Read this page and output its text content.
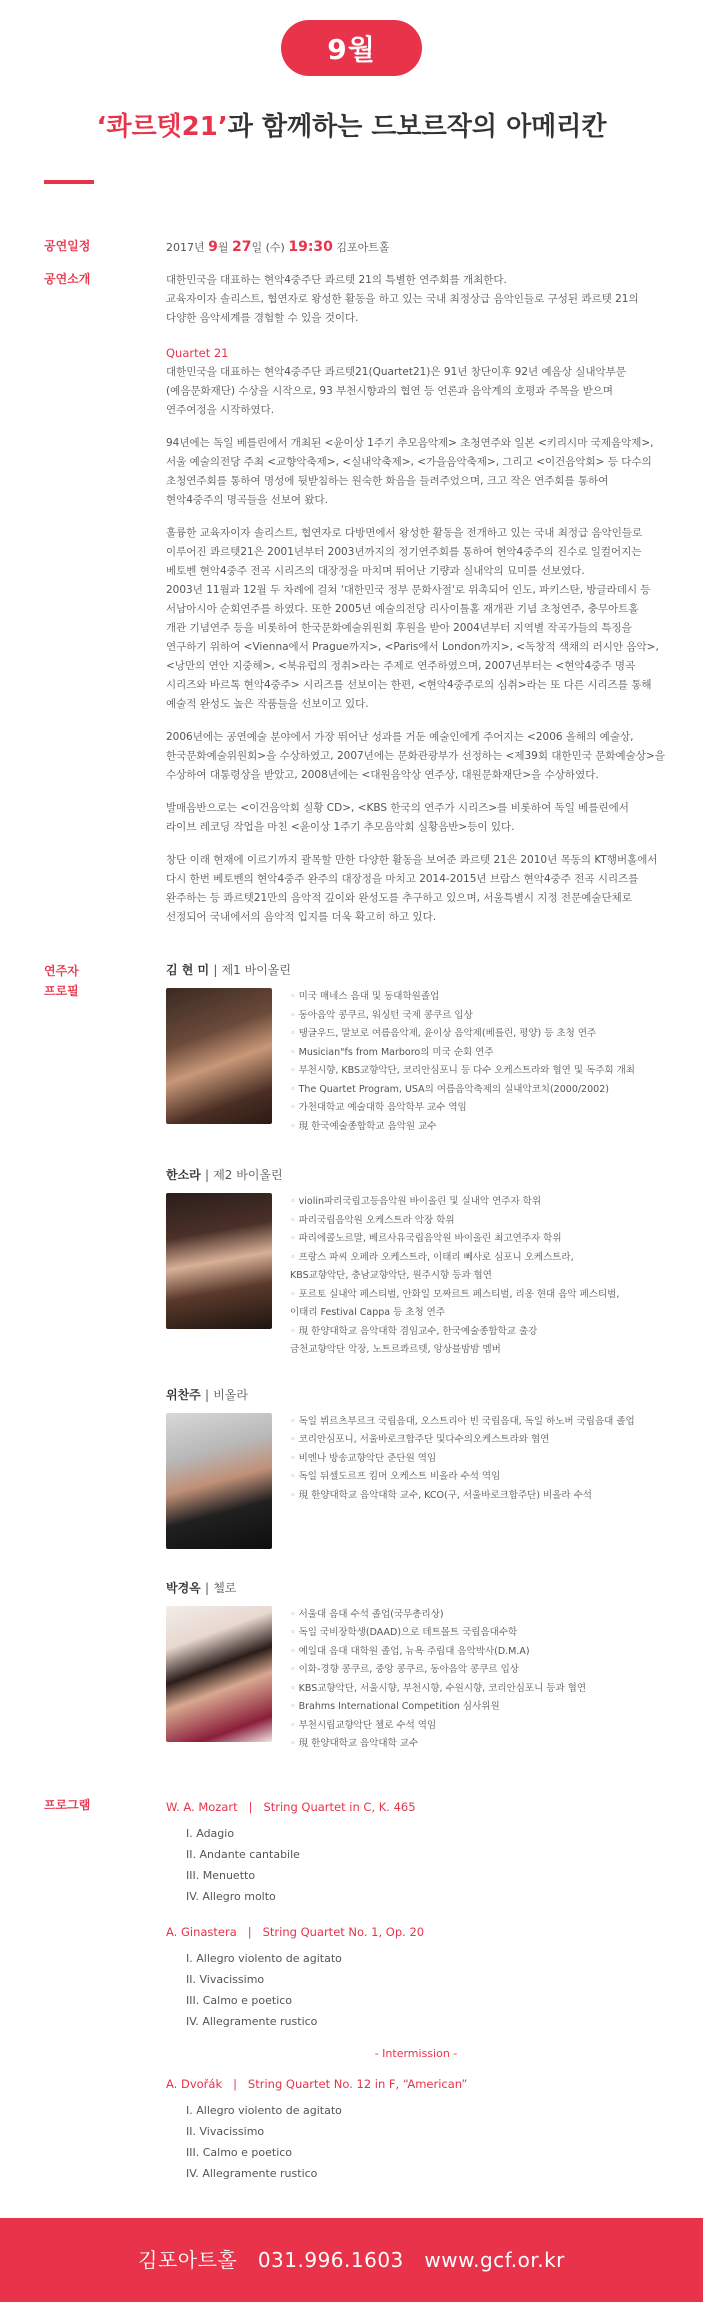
9월
‘콰르텟21’과 함께하는 드보르작의 아메리칸
공연일정	2017년 9월 27일 (수) 19:30 김포아트홀
공연소개	대한민국을 대표하는 현악4중주단 콰르텟 21의 특별한 연주회를 개최한다.
교육자이자 솔리스트, 협연자로 왕성한 활동을 하고 있는 국내 최정상급 음악인들로 구성된 콰르텟 21의
다양한 음악세계를 경험할 수 있을 것이다.

Quartet 21

대한민국을 대표하는 현악4중주단 콰르텟21(Quartet21)은 91년 창단이후 92년 예음상 실내악부문
(예음문화재단) 수상을 시작으로, 93 부천시향과의 협연 등 언론과 음악계의 호평과 주목을 받으며
연주여정을 시작하였다.

94년에는 독일 베를린에서 개최된 <윤이상 1주기 추모음악제> 초청연주와 일본 <키리시마 국제음악제>,
서울 예술의전당 주최 <교향악축제>, <실내악축제>, <가을음악축제>, 그리고 <이건음악회> 등 다수의
초청연주회를 통하여 명성에 뒷받침하는 원숙한 화음을 들려주었으며, 크고 작은 연주회를 통하여
현악4중주의 명곡들을 선보여 왔다.

훌륭한 교육자이자 솔리스트, 협연자로 다방면에서 왕성한 활동을 전개하고 있는 국내 최정급 음악인들로
이루어진 콰르텟21은 2001년부터 2003년까지의 정기연주회를 통하여 현악4중주의 진수로 일컬어지는
베토벤 현악4중주 전곡 시리즈의 대장정을 마치며 뛰어난 기량과 실내악의 묘미를 선보였다.
2003년 11월과 12월 두 차례에 걸쳐 '대한민국 정부 문화사절'로 위촉되어 인도, 파키스탄, 방글라데시 등
서남아시아 순회연주를 하였다. 또한 2005년 예술의전당 리사이틀홀 재개관 기념 초청연주, 충무아트홀
개관 기념연주 등을 비롯하여 한국문화예술위원회 후원을 받아 2004년부터 지역별 작곡가들의 특징을
연구하기 위하여 <Vienna에서 Prague까지>, <Paris에서 London까지>, <독창적 색채의 러시안 음악>,
<낭만의 연안 지중해>, <북유럽의 정취>라는 주제로 연주하였으며, 2007년부터는 <현악4중주 명곡
시리즈와 바르톡 현악4중주> 시리즈를 선보이는 한편, <현악4중주로의 심취>라는 또 다른 시리즈를 통해
예술적 완성도 높은 작품들을 선보이고 있다.

2006년에는 공연예술 분야에서 가장 뛰어난 성과를 거둔 예술인에게 주어지는 <2006 올해의 예술상,
한국문화예술위원회>을 수상하였고, 2007년에는 문화관광부가 선정하는 <제39회 대한민국 문화예술상>을
수상하여 대통령상을 받았고, 2008년에는 <대원음악상 연주상, 대원문화재단>을 수상하였다.

발매음반으로는 <이건음악회 실황 CD>, <KBS 한국의 연주가 시리즈>를 비롯하여 독일 베를린에서
라이브 레코딩 작업을 마친 <윤이상 1주기 추모음악회 실황음반>등이 있다.

창단 이래 현재에 이르기까지 괄목할 만한 다양한 활동을 보여준 콰르텟 21은 2010년 목동의 KT행버홀에서
다시 한번 베토벤의 현악4중주 완주의 대장정을 마치고 2014-2015년 브람스 현악4중주 전곡 시리즈를
완주하는 등 콰르텟21만의 음악적 깊이와 완성도를 추구하고 있으며, 서울특별시 지정 전문예술단체로
선정되어 국내에서의 음악적 입지를 더욱 확고히 하고 있다.

연주자
프로필
김 현 미 | 제1 바이올린
◦ 미국 매네스 음대 및 동대학원졸업
◦ 동아음악 콩쿠르, 워싱턴 국제 콩쿠르 입상
◦ 탱글우드, 말보로 여름음악제, 윤이상 음악제(베를린, 평양) 등 초청 연주
◦ Musician"fs from Marboro의 미국 순회 연주
◦ 부천시향, KBS교향악단, 코리안심포니 등 다수 오케스트라와 협연 및 독주회 개최
◦ The Quartet Program, USA의 여름음악축제의 실내악코치(2000/2002)
◦ 가천대학교 예술대학 음악학부 교수 역임
◦ 現 한국예술종합학교 음악원 교수
한소라 | 제2 바이올린
◦ violin파리국립고등음악원 바이올린 및 실내악 연주자 학위
◦ 파리국립음악원 오케스트라 악장 학위
◦ 파리에콜노르말, 베르사유국립음악원 바이올린 최고연주자 학위
◦ 프랑스 파씨 오페라 오케스트라, 이태리 뻬사로 심포니 오케스트라,
KBS교향악단, 충남교향악단, 원주시향 등과 협연
◦ 포르토 실내악 페스티벌, 안화일 모짜르트 페스티벌, 리옹 현대 음악 페스티벌,
이태리 Festival Cappa 등 초청 연주
◦ 現 한양대학교 음악대학 겸임교수, 한국예술종합학교 출강
금천교향악단 악장, 노트르콰르텟, 앙상블밤밤 멤버
위찬주 | 비올라
◦ 독일 뷔르츠부르크 국립음대, 오스트리아 빈 국립음대, 독일 하노버 국립음대 졸업
◦ 코리안심포니, 서울바로크합주단 및다수의오케스트라와 협연
◦ 비엔나 방송교향악단 준단원 역임
◦ 독일 뒤셀도르프 킴머 오케스트 비올라 수석 역임
◦ 現 한양대학교 음악대학 교수, KCO(구, 서울바로크합주단) 비올라 수석
박경옥 | 첼로
◦ 서울대 음대 수석 졸업(국무총리상)
◦ 독일 국비장학생(DAAD)으로 데트몰트 국립음대수학
◦ 예일대 음대 대학원 졸업, 뉴욕 주립대 음악박사(D.M.A)
◦ 이화-경향 콩쿠르, 중앙 콩쿠르, 동아음악 콩쿠르 입상
◦ KBS교향악단, 서울시향, 부천시향, 수원시향, 코리안심포니 등과 협연
◦ Brahms International Competition 심사위원
◦ 부천시립교향악단 첼로 수석 역임
◦ 現 한양대학교 음악대학 교수
프로그램	W. A. Mozart | String Quartet in C, K. 465
I. Adagio
II. Andante cantabile
III. Menuetto
IV. Allegro molto
A. Ginastera | String Quartet No. 1, Op. 20
I. Allegro violento de agitato
II. Vivacissimo
III. Calmo e poetico
IV. Allegramente rustico
- Intermission -
A. Dvořák | String Quartet No. 12 in F, “American”
I. Allegro violento de agitato
II. Vivacissimo
III. Calmo e poetico
IV. Allegramente rustico
김포아트홀 031.996.1603 www.gcf.or.kr
